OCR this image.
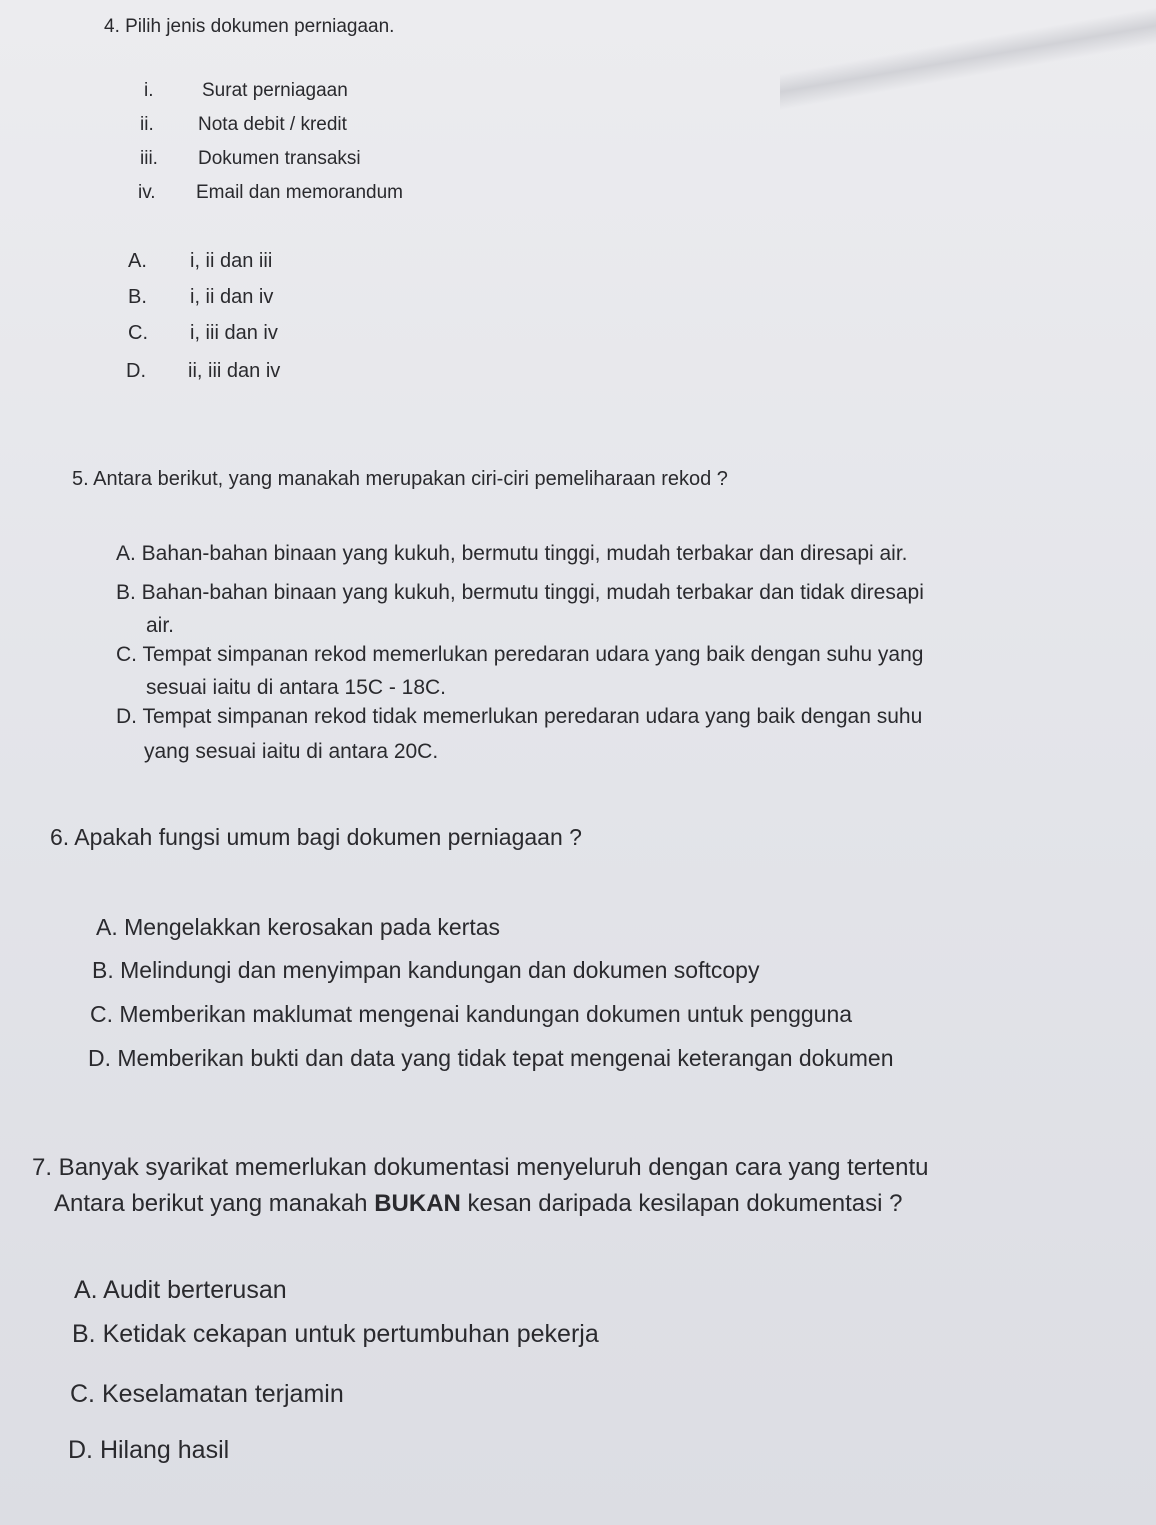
4. Pilih jenis dokumen perniagaan.

i.	Surat perniagaan
ii. Nota debit / kredit
iii. Dokumen transaksi
iv. Email dan memorandum
A. i, ii dan iii
B. i, ii dan iv
C. i, iii dan iv
D. ii, iii dan iv

5. Antara berikut, yang manakah merupakan ciri-ciri pemeliharaan rekod ?

A. Bahan-bahan binaan yang kukuh, bermutu tinggi, mudah terbakar dan diresapi air.
B. Bahan-bahan binaan yang kukuh, bermutu tinggi, mudah terbakar dan tidak diresapi
air.
C. Tempat simpanan rekod memerlukan peredaran udara yang baik dengan suhu yang
sesuai iaitu di antara 15C - 18C.
D. Tempat simpanan rekod tidak memerlukan peredaran udara yang baik dengan suhu
yang sesuai iaitu di antara 20C.

6. Apakah fungsi umum bagi dokumen perniagaan ?

A. Mengelakkan kerosakan pada kertas
B. Melindungi dan menyimpan kandungan dan dokumen softcopy
C. Memberikan maklumat mengenai kandungan dokumen untuk pengguna
D. Memberikan bukti dan data yang tidak tepat mengenai keterangan dokumen
7. Banyak syarikat memerlukan dokumentasi menyeluruh dengan cara yang tertentu
Antara berikut yang manakah BUKAN kesan daripada kesilapan dokumentasi ?
A. Audit berterusan
B. Ketidak cekapan untuk pertumbuhan pekerja
C. Keselamatan terjamin
D. Hilang hasil
